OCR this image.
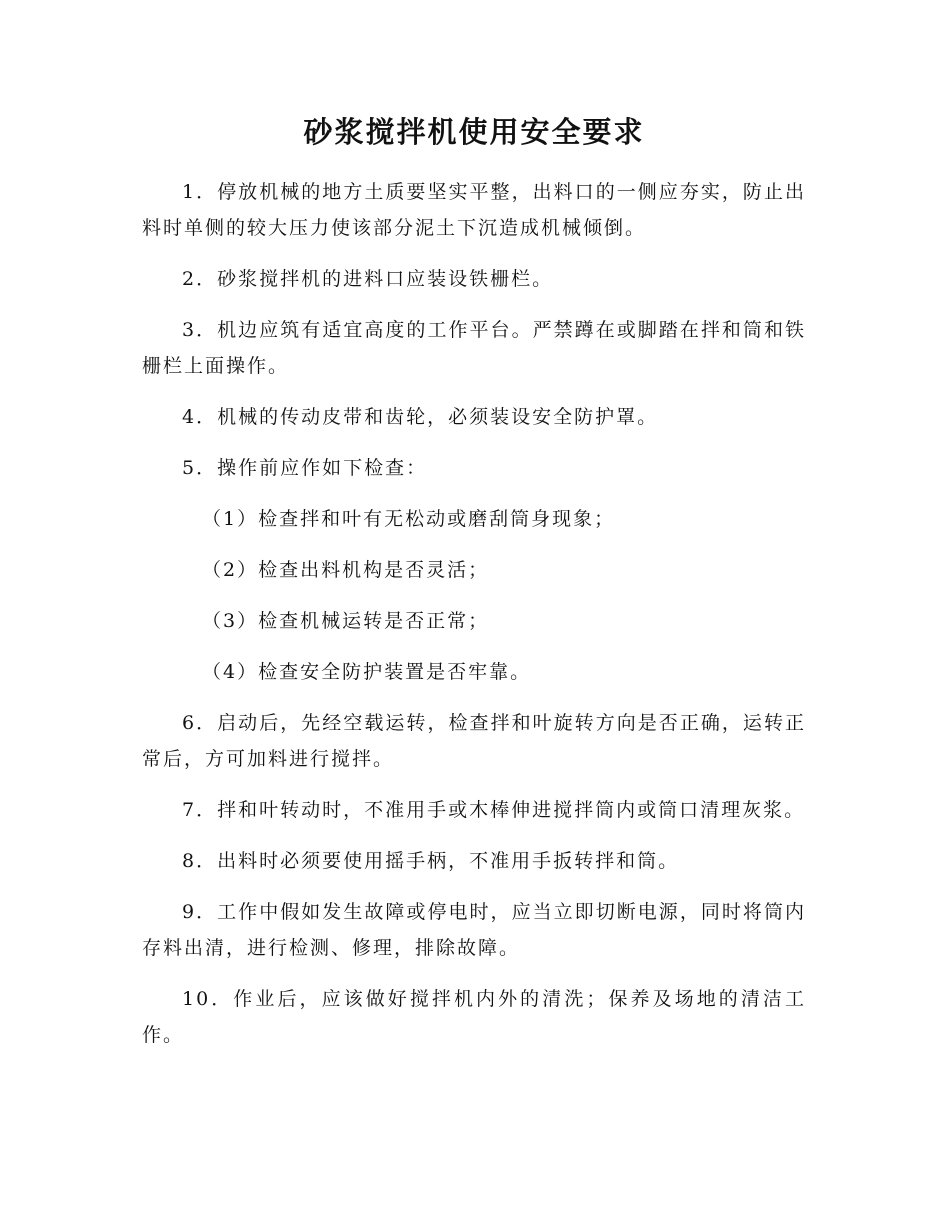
砂浆搅拌机使用安全要求

1．停放机械的地方土质要坚实平整，出料口的一侧应夯实，防止出料时单侧的较大压力使该部分泥土下沉造成机械倾倒。

2．砂浆搅拌机的进料口应装设铁栅栏。

3．机边应筑有适宜高度的工作平台。严禁蹲在或脚踏在拌和筒和铁栅栏上面操作。

4．机械的传动皮带和齿轮，必须装设安全防护罩。

5．操作前应作如下检查：

（1）检查拌和叶有无松动或磨刮筒身现象；

（2）检查出料机构是否灵活；

（3）检查机械运转是否正常；

（4）检查安全防护装置是否牢靠。

6．启动后，先经空载运转，检查拌和叶旋转方向是否正确，运转正常后，方可加料进行搅拌。

7．拌和叶转动时，不准用手或木棒伸进搅拌筒内或筒口清理灰浆。

8．出料时必须要使用摇手柄，不准用手扳转拌和筒。

9．工作中假如发生故障或停电时，应当立即切断电源，同时将筒内存料出清，进行检测、修理，排除故障。

10．作业后，应该做好搅拌机内外的清洗；保养及场地的清洁工作。
